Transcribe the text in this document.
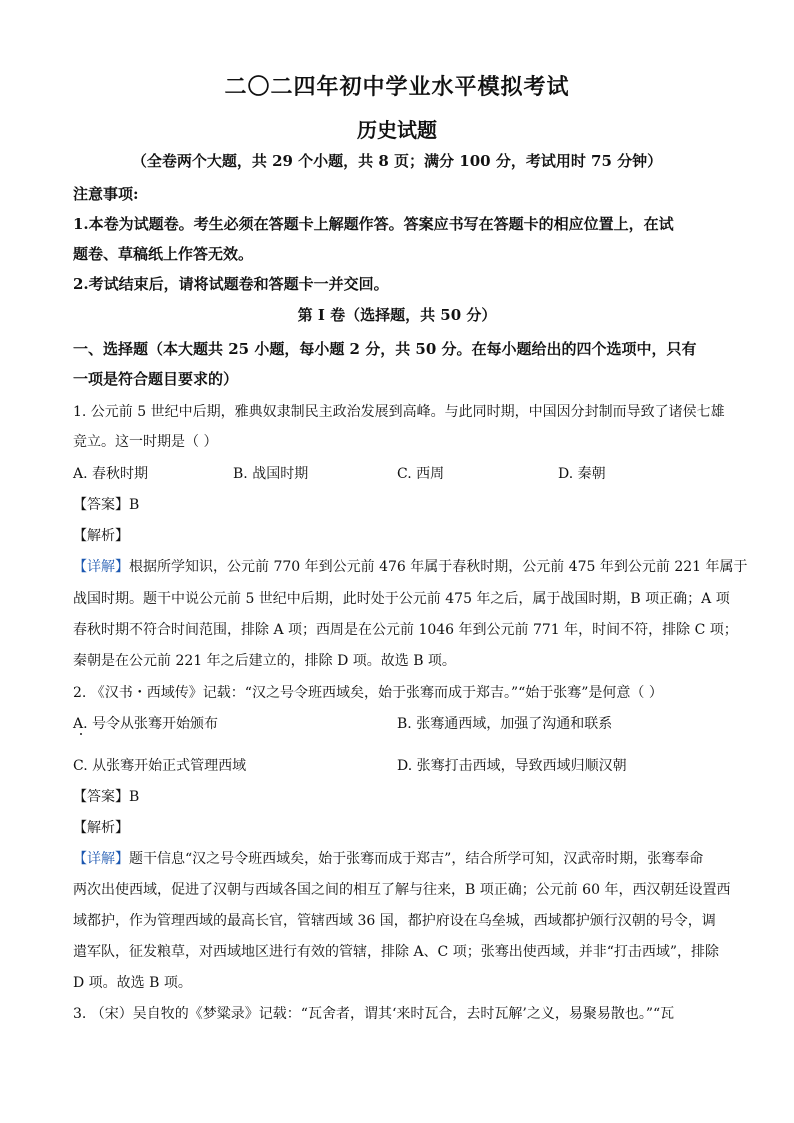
二〇二四年初中学业水平模拟考试
历史试题
（全卷两个大题，共 29 个小题，共 8 页；满分 100 分，考试用时 75 分钟）
注意事项:
1.本卷为试题卷。考生必须在答题卡上解题作答。答案应书写在答题卡的相应位置上，在试
题卷、草稿纸上作答无效。
2.考试结束后，请将试题卷和答题卡一并交回。
第 I 卷（选择题，共 50 分）
一、选择题（本大题共 25 小题，每小题 2 分，共 50 分。在每小题给出的四个选项中，只有
一项是符合题目要求的）
1. 公元前 5 世纪中后期，雅典奴隶制民主政治发展到高峰。与此同时期，中国因分封制而导致了诸侯七雄
竞立。这一时期是（ ）
A. 春秋时期	B. 战国时期	C. 西周	D. 秦朝
【答案】B
【解析】
【详解】根据所学知识，公元前 770 年到公元前 476 年属于春秋时期，公元前 475 年到公元前 221 年属于
战国时期。题干中说公元前 5 世纪中后期，此时处于公元前 475 年之后，属于战国时期，B 项正确；A 项
春秋时期不符合时间范围，排除 A 项；西周是在公元前 1046 年到公元前 771 年，时间不符，排除 C 项；
秦朝是在公元前 221 年之后建立的，排除 D 项。故选 B 项。
2. 《汉书・西域传》记载：“汉之号令班西域矣，始于张骞而成于郑吉。”“始于张骞”是何意（ ）
A. 号令从张骞开始颁布	B. 张骞通西域，加强了沟通和联系
C. 从张骞开始正式管理西域	D. 张骞打击西域，导致西域归顺汉朝
【答案】B
【解析】
【详解】题干信息“汉之号令班西域矣，始于张骞而成于郑吉”，结合所学可知，汉武帝时期，张骞奉命
两次出使西域，促进了汉朝与西域各国之间的相互了解与往来，B 项正确；公元前 60 年，西汉朝廷设置西
域都护，作为管理西域的最高长官，管辖西域 36 国，都护府设在乌垒城，西域都护颁行汉朝的号令，调
遣军队，征发粮草，对西域地区进行有效的管辖，排除 A、C 项；张骞出使西域，并非“打击西域”，排除
D 项。故选 B 项。
3. （宋）吴自牧的《梦粱录》记载：“瓦舍者，谓其‘来时瓦合，去时瓦解’之义，易聚易散也。”“瓦
